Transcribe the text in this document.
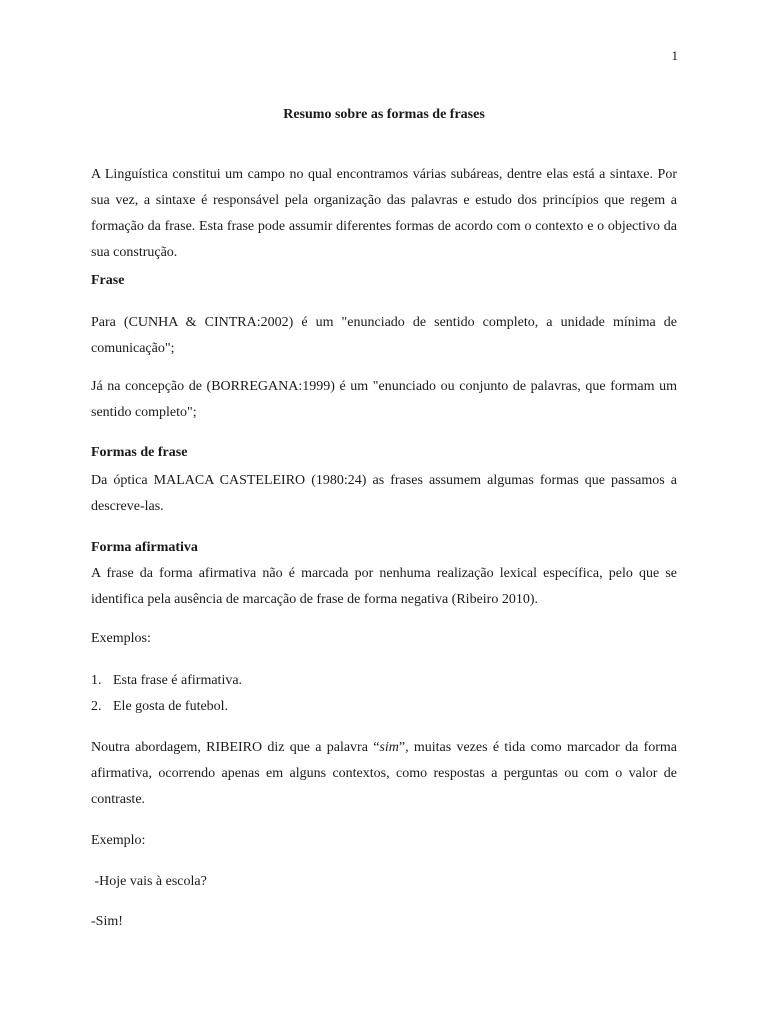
1
Resumo sobre as formas de frases

A Linguística constitui um campo no qual encontramos várias subáreas, dentre elas está a sintaxe. Por sua vez, a sintaxe é responsável pela organização das palavras e estudo dos princípios que regem a formação da frase. Esta frase pode assumir diferentes formas de acordo com o contexto e o objectivo da sua construção.

Frase

Para (CUNHA & CINTRA:2002) é um "enunciado de sentido completo, a unidade mínima de comunicação";

Já na concepção de (BORREGANA:1999) é um "enunciado ou conjunto de palavras, que formam um sentido completo";

Formas de frase

Da óptica MALACA CASTELEIRO (1980:24) as frases assumem algumas formas que passamos a descreve-las.

Forma afirmativa

A frase da forma afirmativa não é marcada por nenhuma realização lexical específica, pelo que se identifica pela ausência de marcação de frase de forma negativa (Ribeiro 2010).

Exemplos:

1. Esta frase é afirmativa.
2. Ele gosta de futebol.

Noutra abordagem, RIBEIRO diz que a palavra “sim”, muitas vezes é tida como marcador da forma afirmativa, ocorrendo apenas em alguns contextos, como respostas a perguntas ou com o valor de contraste.

Exemplo:

-Hoje vais à escola?

-Sim!
